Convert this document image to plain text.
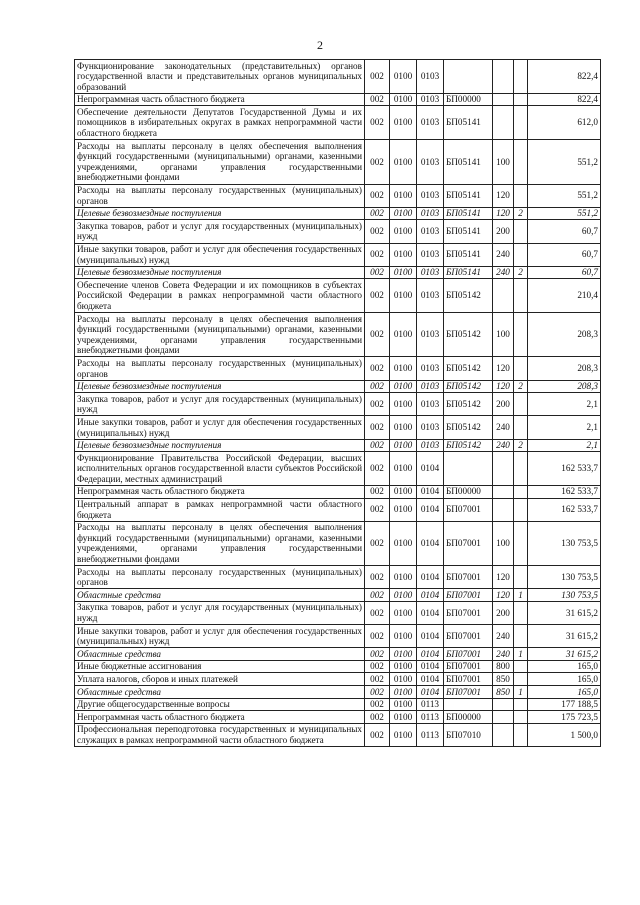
2
Функционирование законодательных (представительных) органов государственной власти и представительных органов муниципальных образований	002	0100	0103				822,4
Непрограммная часть областного бюджета	002	0100	0103	БП00000			822,4
Обеспечение деятельности Депутатов Государственной Думы и их помощников в избирательных округах в рамках непрограммной части областного бюджета	002	0100	0103	БП05141			612,0
Расходы на выплаты персоналу в целях обеспечения выполнения функций государственными (муниципальными) органами, казенными учреждениями, органами управления государственными внебюджетными фондами	002	0100	0103	БП05141	100		551,2
Расходы на выплаты персоналу государственных (муниципальных) органов	002	0100	0103	БП05141	120		551,2
Целевые безвозмездные поступления	002	0100	0103	БП05141	120	2	551,2
Закупка товаров, работ и услуг для государственных (муниципальных) нужд	002	0100	0103	БП05141	200		60,7
Иные закупки товаров, работ и услуг для обеспечения государственных (муниципальных) нужд	002	0100	0103	БП05141	240		60,7
Целевые безвозмездные поступления	002	0100	0103	БП05141	240	2	60,7
Обеспечение членов Совета Федерации и их помощников в субъектах Российской Федерации в рамках непрограммной части областного бюджета	002	0100	0103	БП05142			210,4
Расходы на выплаты персоналу в целях обеспечения выполнения функций государственными (муниципальными) органами, казенными учреждениями, органами управления государственными внебюджетными фондами	002	0100	0103	БП05142	100		208,3
Расходы на выплаты персоналу государственных (муниципальных) органов	002	0100	0103	БП05142	120		208,3
Целевые безвозмездные поступления	002	0100	0103	БП05142	120	2	208,3
Закупка товаров, работ и услуг для государственных (муниципальных) нужд	002	0100	0103	БП05142	200		2,1
Иные закупки товаров, работ и услуг для обеспечения государственных (муниципальных) нужд	002	0100	0103	БП05142	240		2,1
Целевые безвозмездные поступления	002	0100	0103	БП05142	240	2	2,1
Функционирование Правительства Российской Федерации, высших исполнительных органов государственной власти субъектов Российской Федерации, местных администраций	002	0100	0104				162 533,7
Непрограммная часть областного бюджета	002	0100	0104	БП00000			162 533,7
Центральный аппарат в рамках непрограммной части областного бюджета	002	0100	0104	БП07001			162 533,7
Расходы на выплаты персоналу в целях обеспечения выполнения функций государственными (муниципальными) органами, казенными учреждениями, органами управления государственными внебюджетными фондами	002	0100	0104	БП07001	100		130 753,5
Расходы на выплаты персоналу государственных (муниципальных) органов	002	0100	0104	БП07001	120		130 753,5
Областные средства	002	0100	0104	БП07001	120	1	130 753,5
Закупка товаров, работ и услуг для государственных (муниципальных) нужд	002	0100	0104	БП07001	200		31 615,2
Иные закупки товаров, работ и услуг для обеспечения государственных (муниципальных) нужд	002	0100	0104	БП07001	240		31 615,2
Областные средства	002	0100	0104	БП07001	240	1	31 615,2
Иные бюджетные ассигнования	002	0100	0104	БП07001	800		165,0
Уплата налогов, сборов и иных платежей	002	0100	0104	БП07001	850		165,0
Областные средства	002	0100	0104	БП07001	850	1	165,0
Другие общегосударственные вопросы	002	0100	0113				177 188,5
Непрограммная часть областного бюджета	002	0100	0113	БП00000			175 723,5
Профессиональная переподготовка государственных и муниципальных служащих в рамках непрограммной части областного бюджета	002	0100	0113	БП07010			1 500,0
